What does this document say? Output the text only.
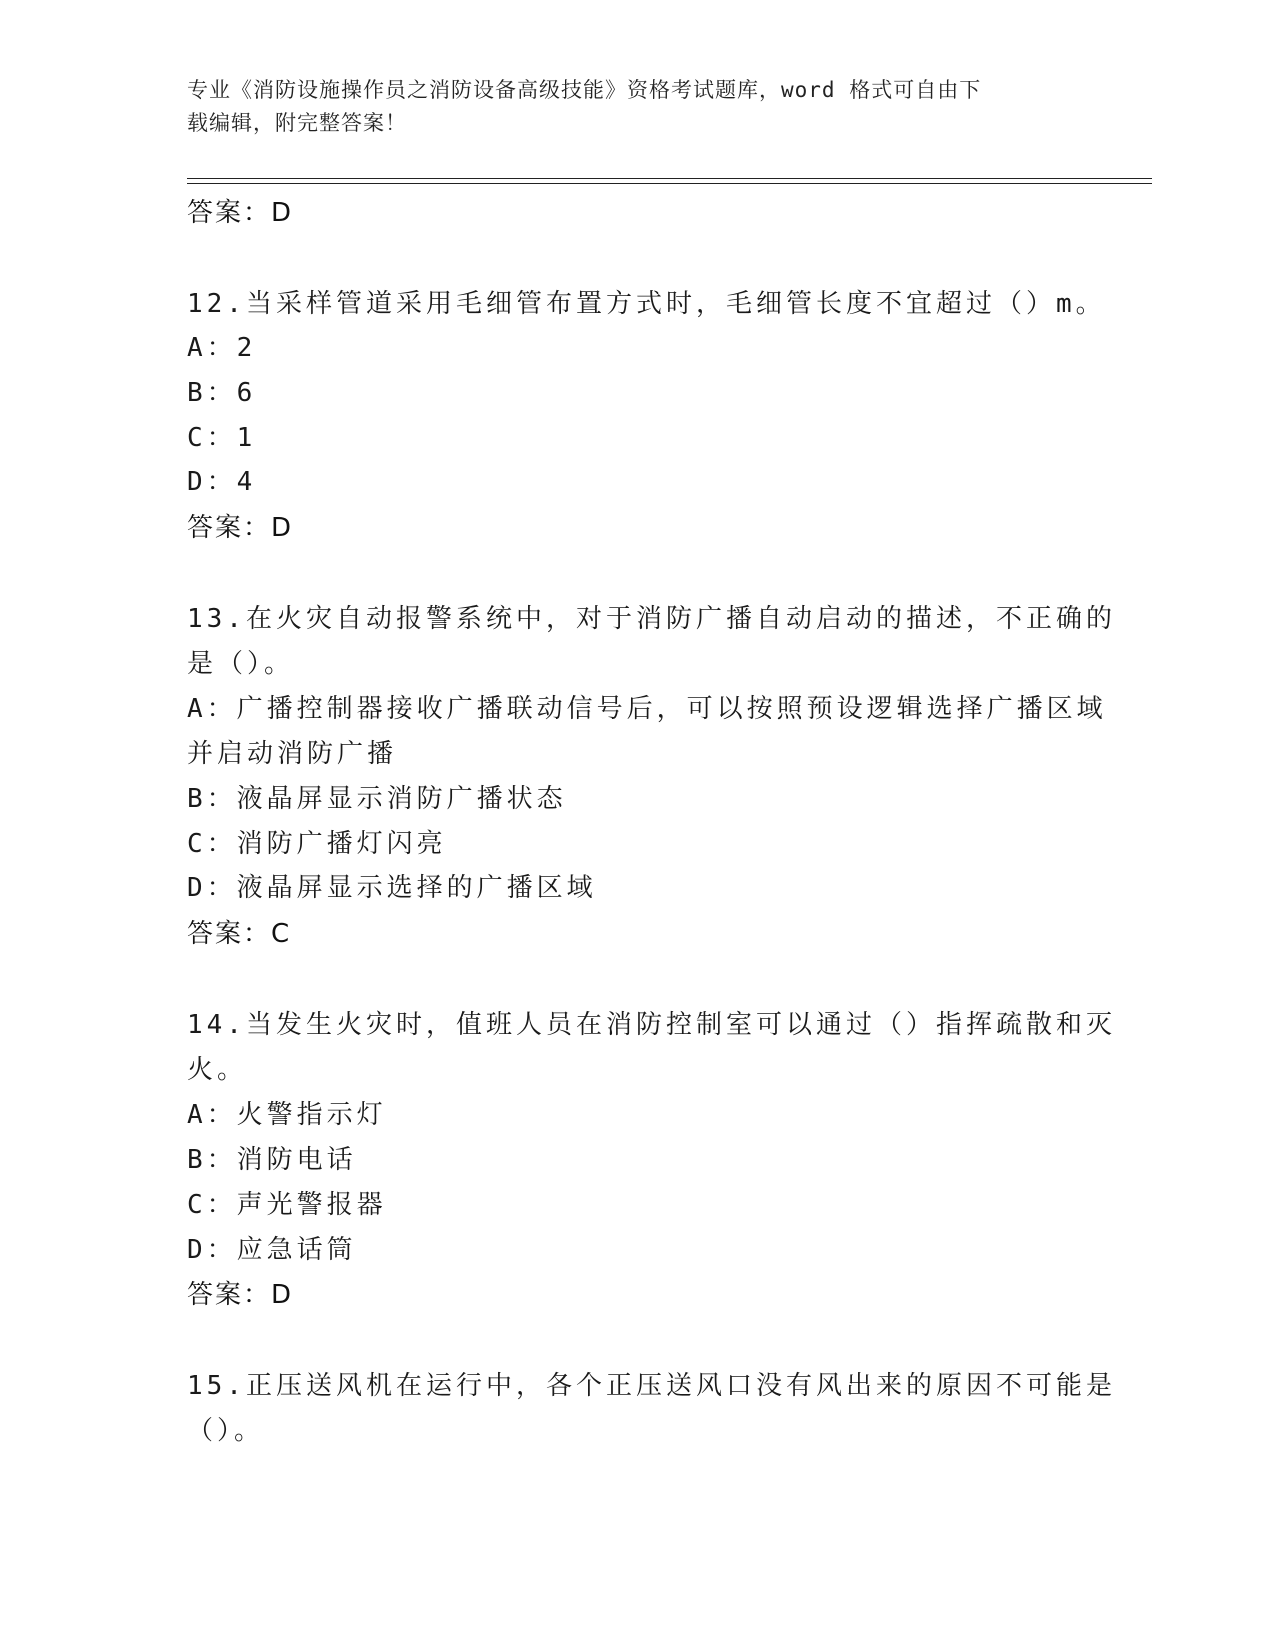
专业《消防设施操作员之消防设备高级技能》资格考试题库，word 格式可自由下
载编辑，附完整答案！
答案：D
12.当采样管道采用毛细管布置方式时，毛细管长度不宜超过（）m。
A：2
B：6
C：1
D：4
答案：D
13.在火灾自动报警系统中，对于消防广播自动启动的描述，不正确的
是（）。
A：广播控制器接收广播联动信号后，可以按照预设逻辑选择广播区域
并启动消防广播
B：液晶屏显示消防广播状态
C：消防广播灯闪亮
D：液晶屏显示选择的广播区域
答案：C
14.当发生火灾时，值班人员在消防控制室可以通过（）指挥疏散和灭
火。
A：火警指示灯
B：消防电话
C：声光警报器
D：应急话筒
答案：D
15.正压送风机在运行中，各个正压送风口没有风出来的原因不可能是
（）。
